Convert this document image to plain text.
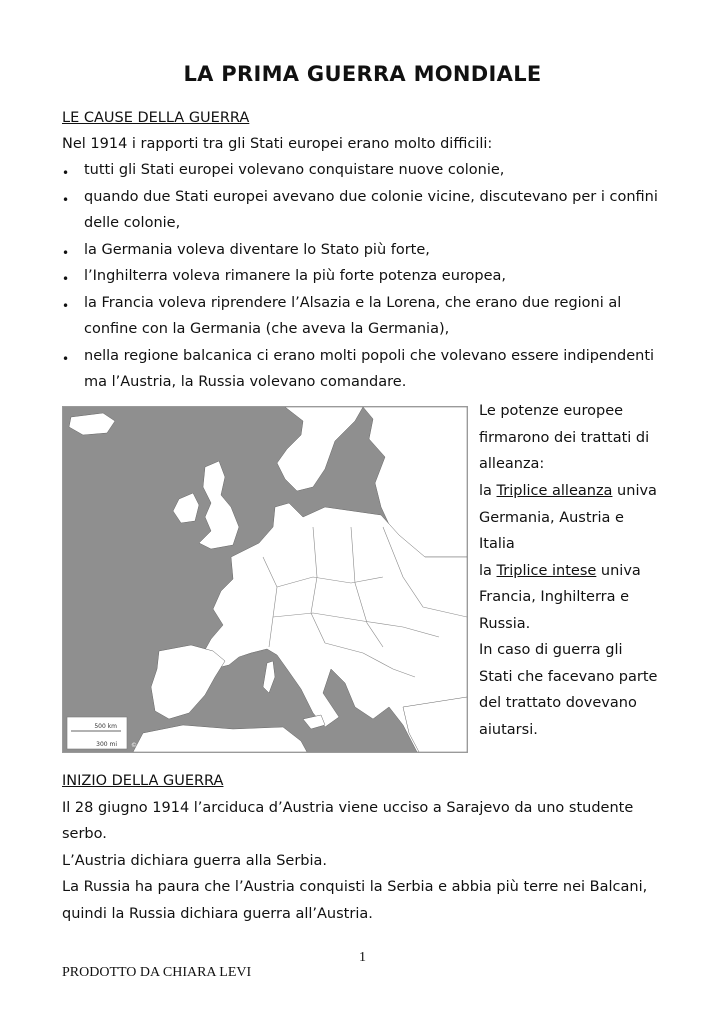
LA PRIMA GUERRA MONDIALE
LE CAUSE DELLA GUERRA
Nel 1914 i rapporti tra gli Stati europei erano molto difficili:
• tutti gli Stati europei volevano conquistare nuove colonie,
• quando due Stati europei avevano due colonie vicine, discutevano per i confini
delle colonie,
• la Germania voleva diventare lo Stato più forte,
• l’Inghilterra voleva rimanere la più forte potenza europea,
• la Francia voleva riprendere l’Alsazia e la Lorena, che erano due regioni al
confine con la Germania (che aveva la Germania),
• nella regione balcanica ci erano molti popoli che volevano essere indipendenti
ma l’Austria, la Russia volevano comandare.
500 km
300 mi © http://histgeo.ac-aix-marseille.fr
Le potenze europee
firmarono dei trattati di
alleanza:
la Triplice alleanza univa
Germania, Austria e
Italia
la Triplice intese univa
Francia, Inghilterra e
Russia.
In caso di guerra gli
Stati che facevano parte
del trattato dovevano
aiutarsi.
INIZIO DELLA GUERRA
Il 28 giugno 1914 l’arciduca d’Austria viene ucciso a Sarajevo da uno studente
serbo.
L’Austria dichiara guerra alla Serbia.
La Russia ha paura che l’Austria conquisti la Serbia e abbia più terre nei Balcani,
quindi la Russia dichiara guerra all’Austria.
1
PRODOTTO DA CHIARA LEVI
